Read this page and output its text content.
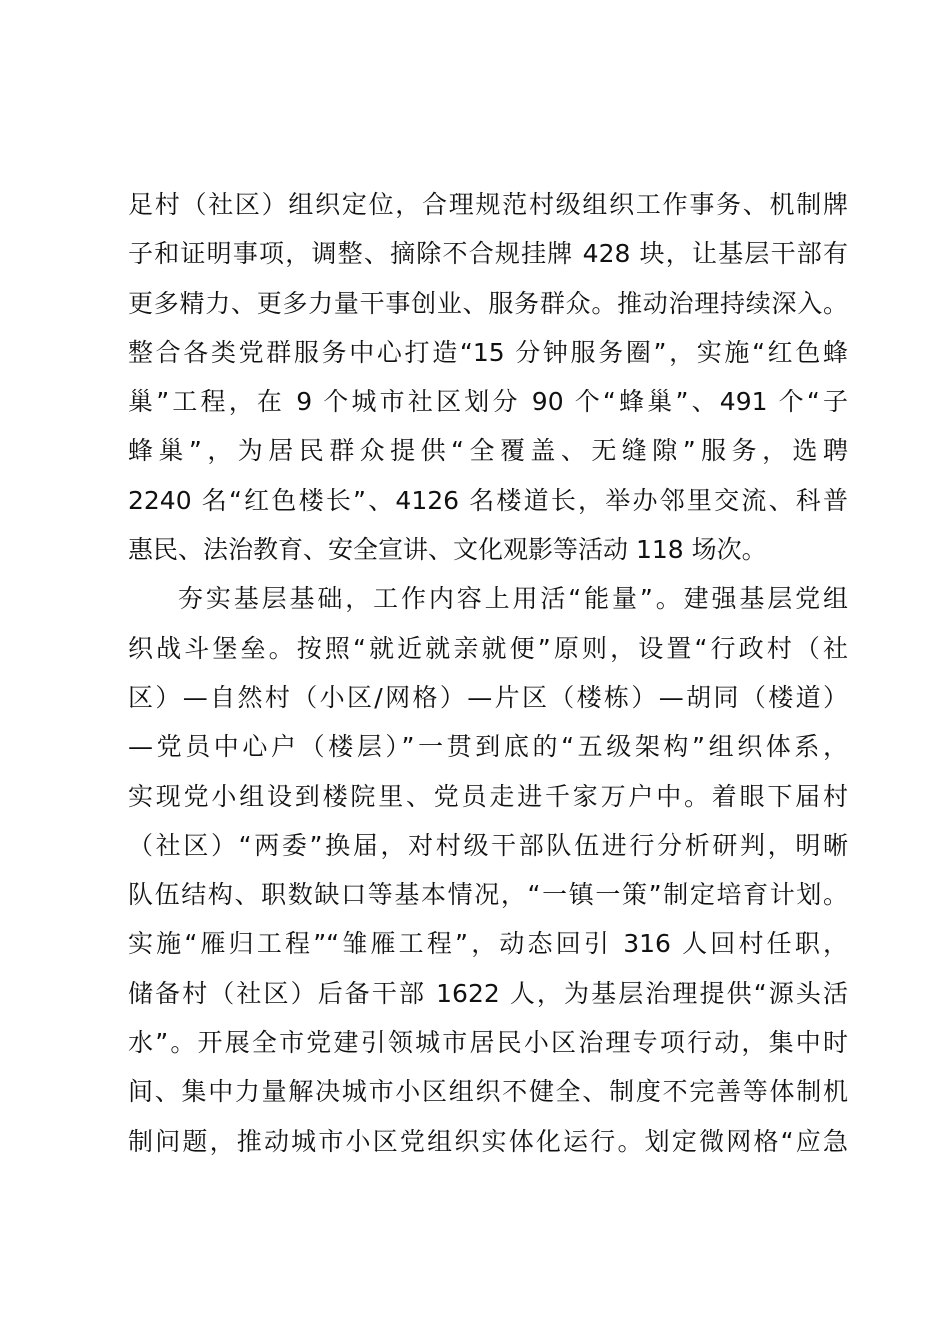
足村（社区）组织定位，合理规范村级组织工作事务、机制牌
子和证明事项，调整、摘除不合规挂牌 428 块，让基层干部有
更多精力、更多力量干事创业、服务群众。推动治理持续深入。
整合各类党群服务中心打造“15 分钟服务圈”，实施“红色蜂
巢”工程，在 9 个城市社区划分 90 个“蜂巢”、491 个“子
蜂巢”，为居民群众提供“全覆盖、无缝隙”服务，选聘
2240 名“红色楼长”、4126 名楼道长，举办邻里交流、科普
惠民、法治教育、安全宣讲、文化观影等活动 118 场次。
夯实基层基础，工作内容上用活“能量”。建强基层党组
织战斗堡垒。按照“就近就亲就便”原则，设置“行政村（社
区）—自然村（小区/网格）—片区（楼栋）—胡同（楼道）
—党员中心户（楼层）”一贯到底的“五级架构”组织体系，
实现党小组设到楼院里、党员走进千家万户中。着眼下届村
（社区）“两委”换届，对村级干部队伍进行分析研判，明晰
队伍结构、职数缺口等基本情况，“一镇一策”制定培育计划。
实施“雁归工程”“雏雁工程”，动态回引 316 人回村任职，
储备村（社区）后备干部 1622 人，为基层治理提供“源头活
水”。开展全市党建引领城市居民小区治理专项行动，集中时
间、集中力量解决城市小区组织不健全、制度不完善等体制机
制问题，推动城市小区党组织实体化运行。划定微网格“应急
